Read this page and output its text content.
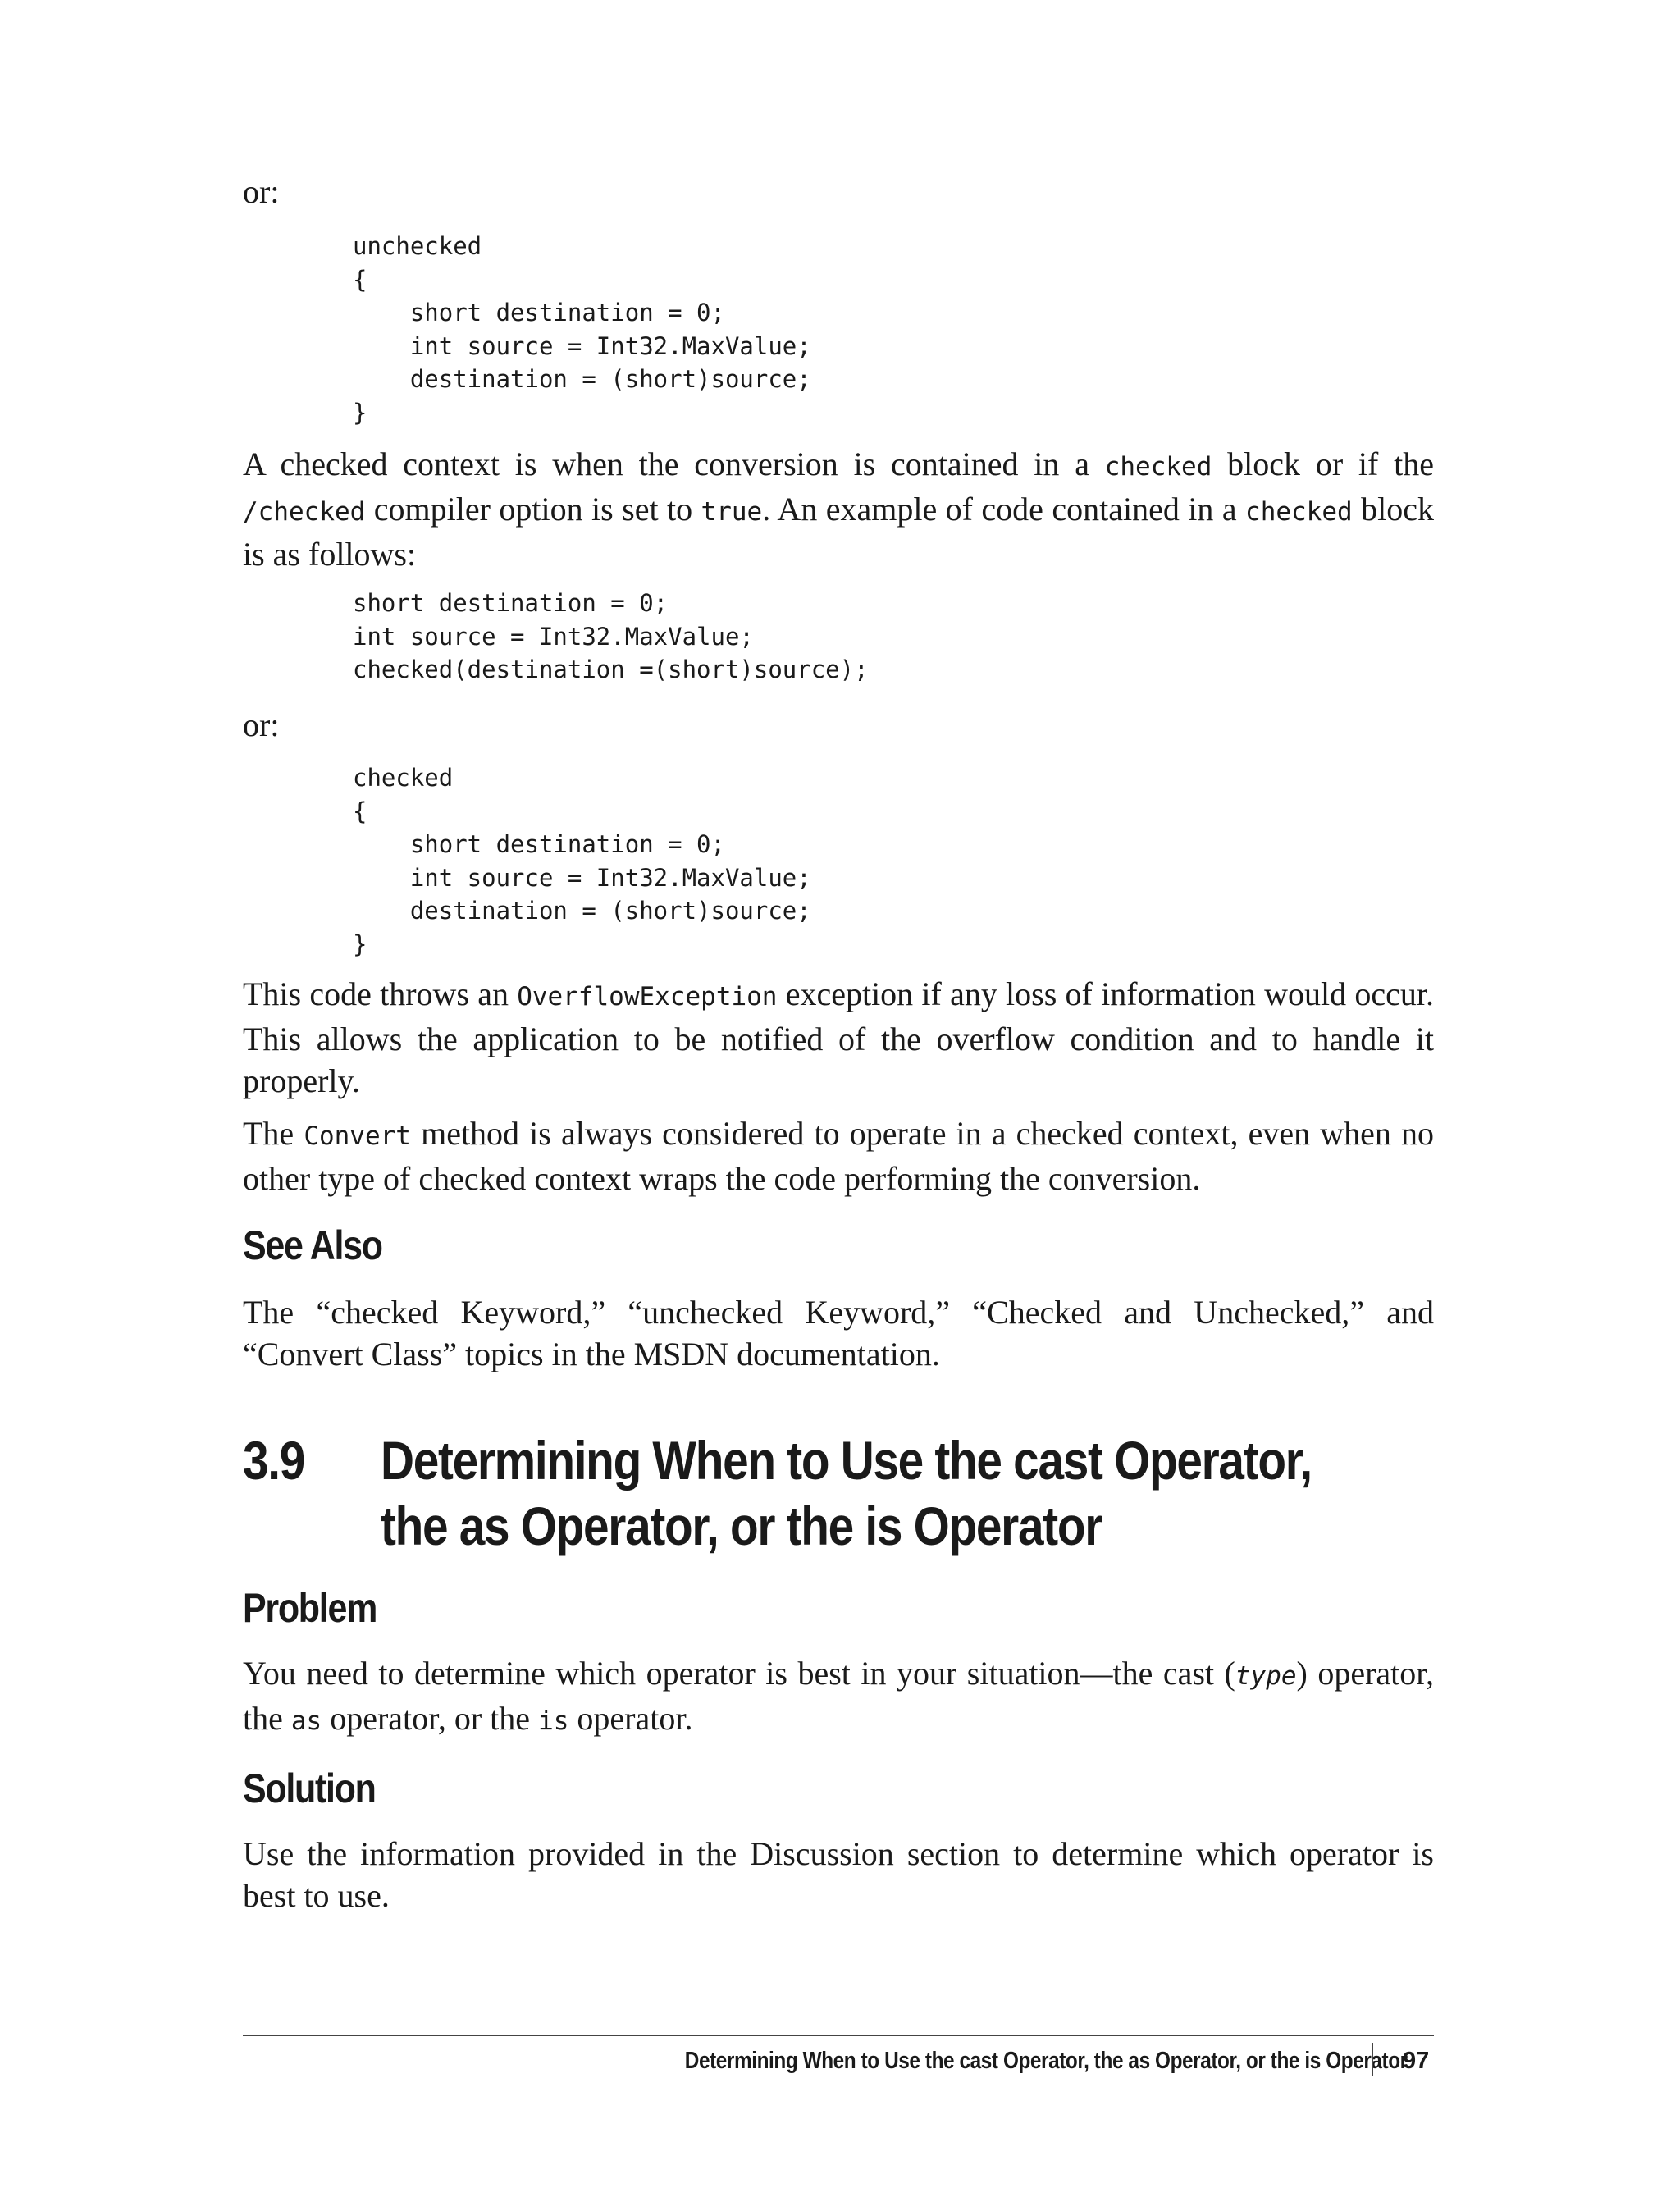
or:

unchecked
{
short destination = 0;
int source = Int32.MaxValue;
destination = (short)source;
}

A checked context is when the conversion is contained in a checked block or if the /checked compiler option is set to true. An example of code contained in a checked block is as follows:

short destination = 0;
int source = Int32.MaxValue;
checked(destination =(short)source);

or:

checked
{
short destination = 0;
int source = Int32.MaxValue;
destination = (short)source;
}

This code throws an OverflowException exception if any loss of information would occur. This allows the application to be notified of the overflow condition and to handle it properly.

The Convert method is always considered to operate in a checked context, even when no other type of checked context wraps the code performing the conversion.

See Also

The “checked Keyword,” “unchecked Keyword,” “Checked and Unchecked,” and “Convert Class” topics in the MSDN documentation.

3.9 Determining When to Use the cast Operator, the as Operator, or the is Operator
Problem

You need to determine which operator is best in your situation—the cast (type) operator, the as operator, or the is operator.

Solution

Use the information provided in the Discussion section to determine which operator is best to use.

Determining When to Use the cast Operator, the as Operator, or the is Operator

97
